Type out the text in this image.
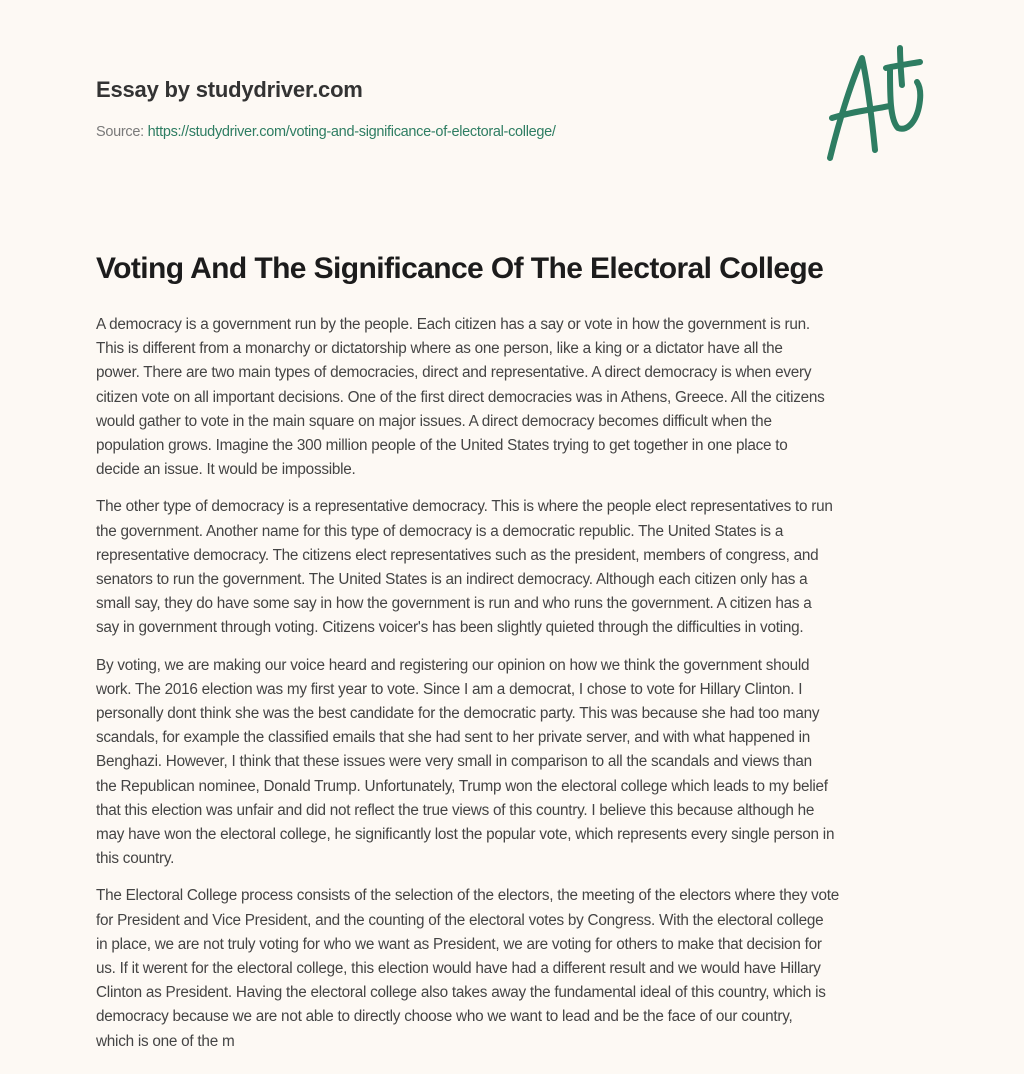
Essay by studydriver.com
Source: https://studydriver.com/voting-and-significance-of-electoral-college/
Voting And The Significance Of The Electoral College

A democracy is a government run by the people. Each citizen has a say or vote in how the government is run.
This is different from a monarchy or dictatorship where as one person, like a king or a dictator have all the
power. There are two main types of democracies, direct and representative. A direct democracy is when every
citizen vote on all important decisions. One of the first direct democracies was in Athens, Greece. All the citizens
would gather to vote in the main square on major issues. A direct democracy becomes difficult when the
population grows. Imagine the 300 million people of the United States trying to get together in one place to
decide an issue. It would be impossible.

The other type of democracy is a representative democracy. This is where the people elect representatives to run
the government. Another name for this type of democracy is a democratic republic. The United States is a
representative democracy. The citizens elect representatives such as the president, members of congress, and
senators to run the government. The United States is an indirect democracy. Although each citizen only has a
small say, they do have some say in how the government is run and who runs the government. A citizen has a
say in government through voting. Citizens voicer's has been slightly quieted through the difficulties in voting.

By voting, we are making our voice heard and registering our opinion on how we think the government should
work. The 2016 election was my first year to vote. Since I am a democrat, I chose to vote for Hillary Clinton. I
personally dont think she was the best candidate for the democratic party. This was because she had too many
scandals, for example the classified emails that she had sent to her private server, and with what happened in
Benghazi. However, I think that these issues were very small in comparison to all the scandals and views than
the Republican nominee, Donald Trump. Unfortunately, Trump won the electoral college which leads to my belief
that this election was unfair and did not reflect the true views of this country. I believe this because although he
may have won the electoral college, he significantly lost the popular vote, which represents every single person in
this country.

The Electoral College process consists of the selection of the electors, the meeting of the electors where they vote
for President and Vice President, and the counting of the electoral votes by Congress. With the electoral college
in place, we are not truly voting for who we want as President, we are voting for others to make that decision for
us. If it werent for the electoral college, this election would have had a different result and we would have Hillary
Clinton as President. Having the electoral college also takes away the fundamental ideal of this country, which is
democracy because we are not able to directly choose who we want to lead and be the face of our country,
which is one of the m
